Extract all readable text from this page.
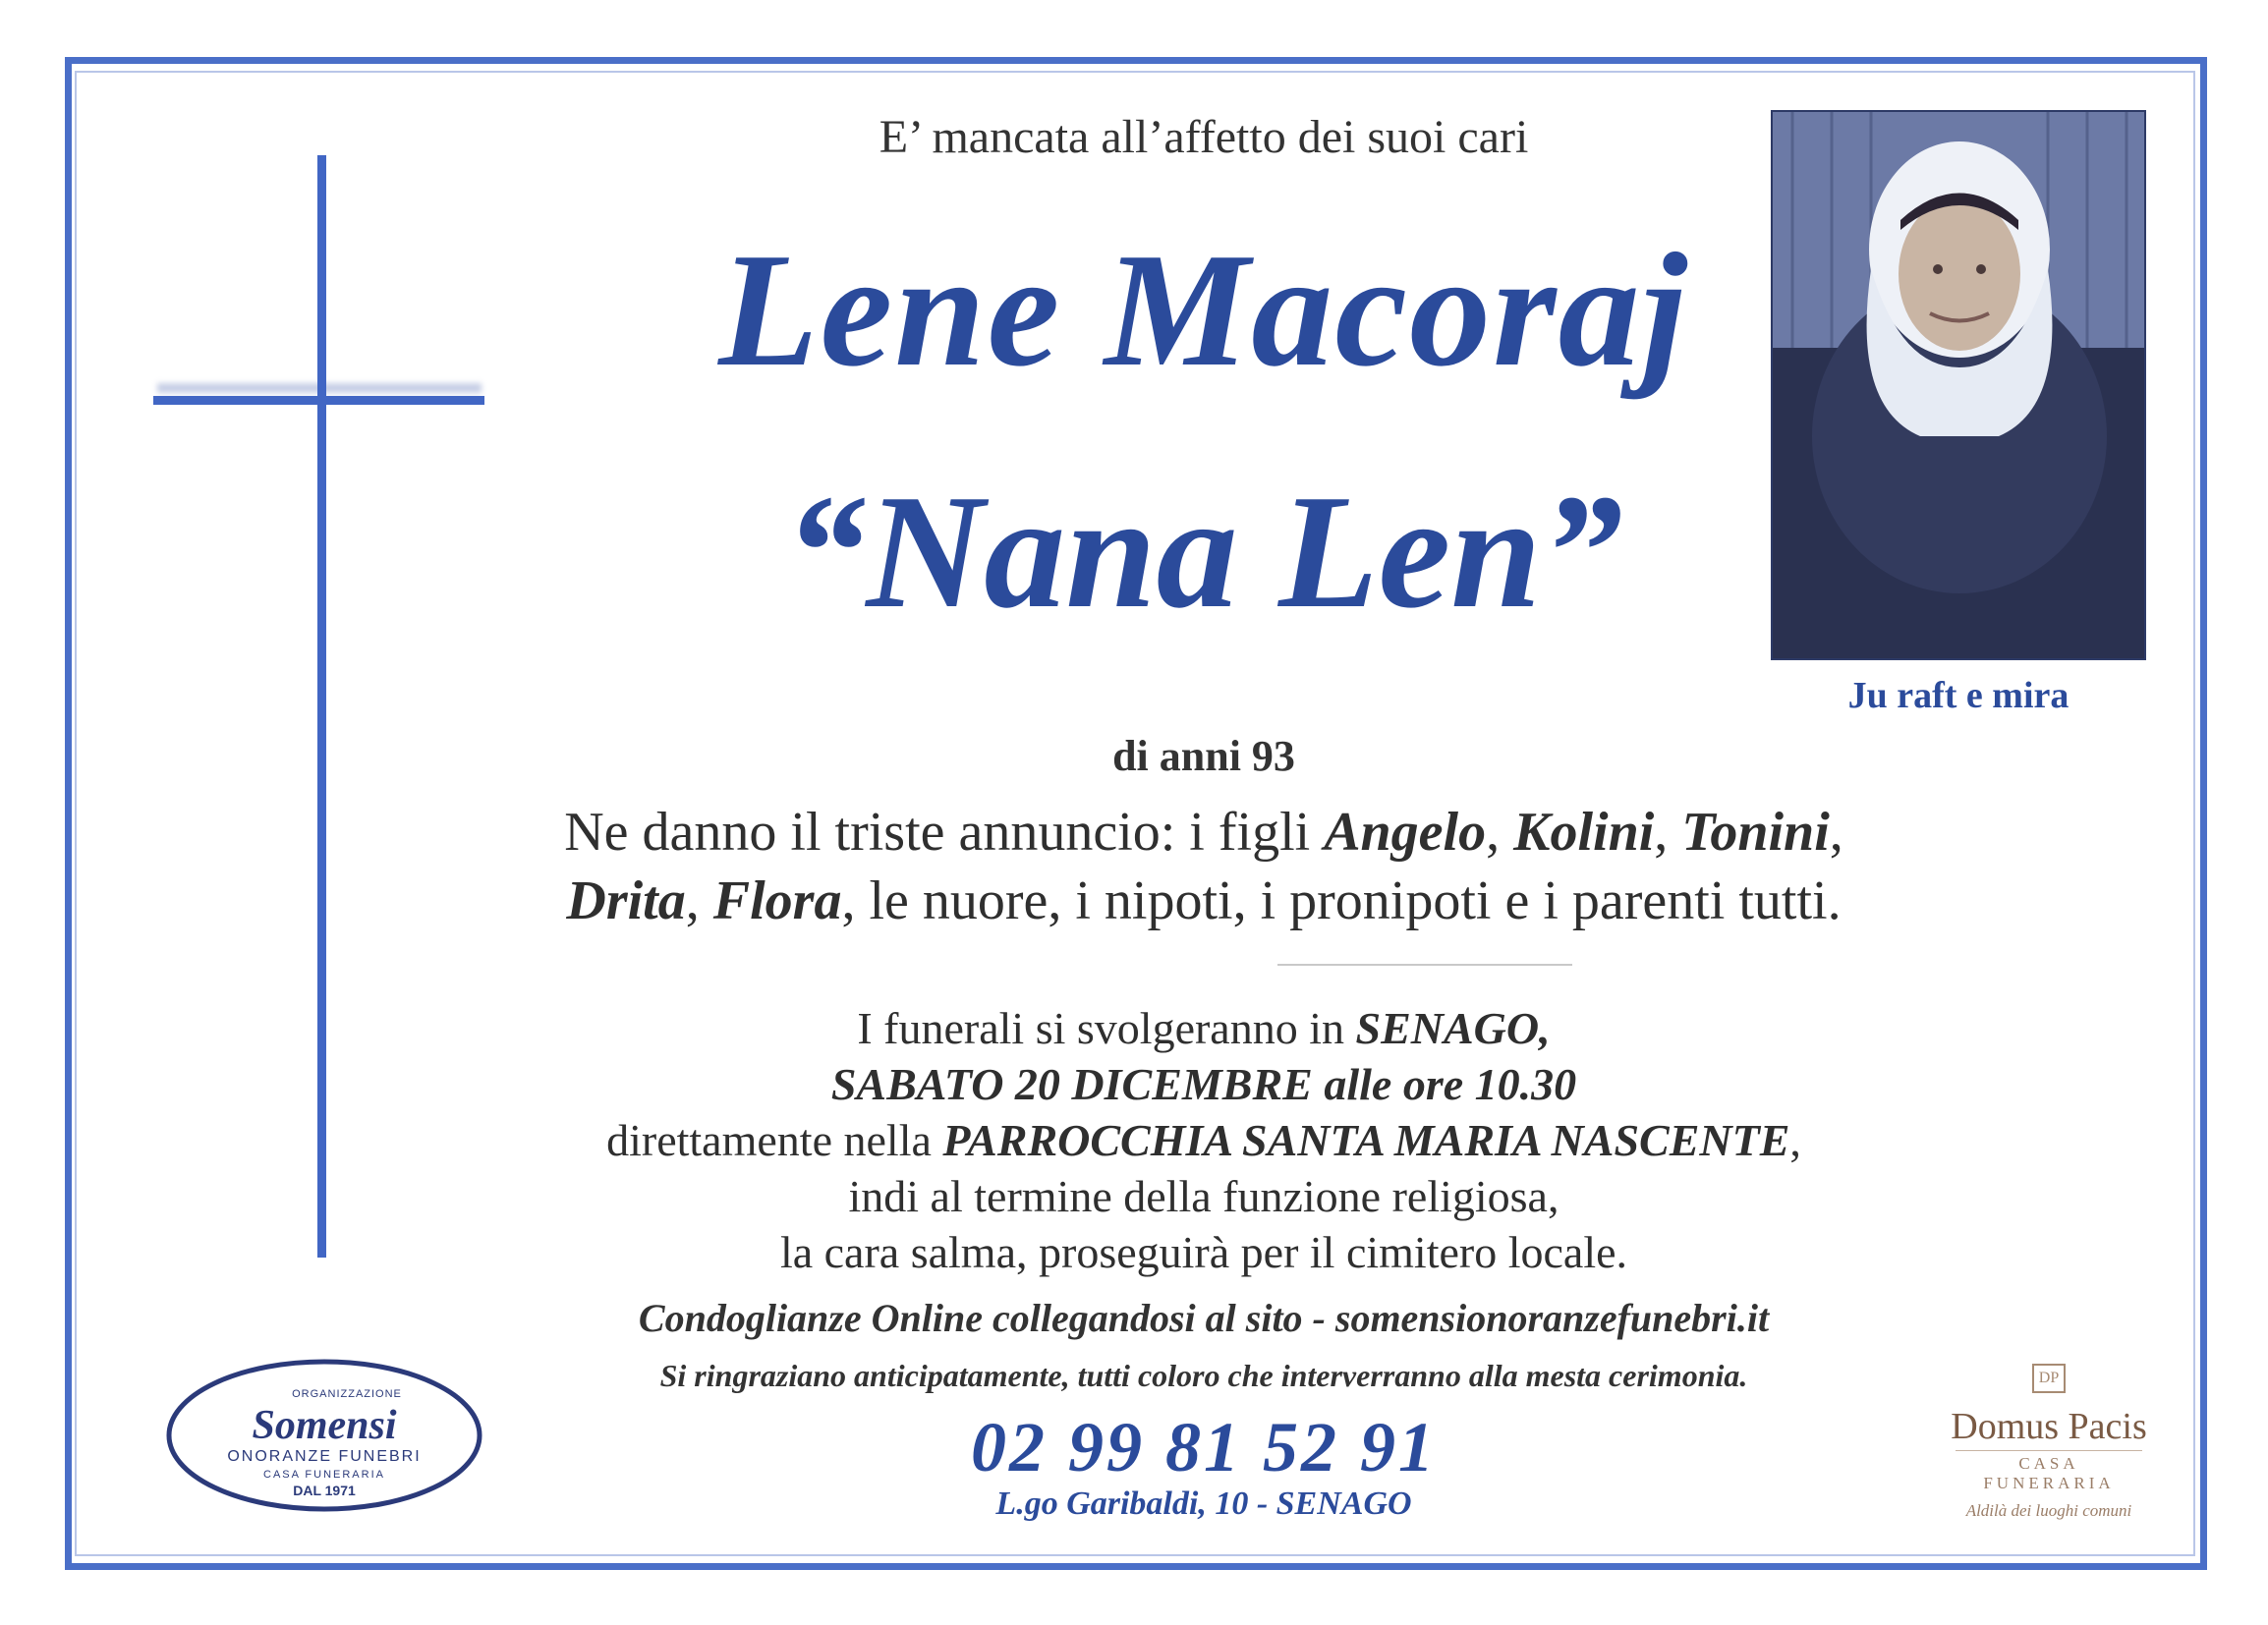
E’ mancata all’affetto dei suoi cari
Lene Macoraj
“Nana Len”
di anni 93
Ne danno il triste annuncio: i figli Angelo, Kolini, Tonini,
Drita, Flora, le nuore, i nipoti, i pronipoti e i parenti tutti.
I funerali si svolgeranno in SENAGO,
SABATO 20 DICEMBRE alle ore 10.30
direttamente nella PARROCCHIA SANTA MARIA NASCENTE,
indi al termine della funzione religiosa,
la cara salma, proseguirà per il cimitero locale.
Condoglianze Online collegandosi al sito - somensionoranzefunebri.it
Si ringraziano anticipatamente, tutti coloro che interverranno alla mesta cerimonia.
02 99 81 52 91
L.go Garibaldi, 10 - SENAGO
Ju raft e mira
ORGANIZZAZIONE
Somensi
ONORANZE FUNEBRI
CASA FUNERARIA
DAL 1971
DP
Domus Pacis
CASA FUNERARIA
Aldilà dei luoghi comuni
